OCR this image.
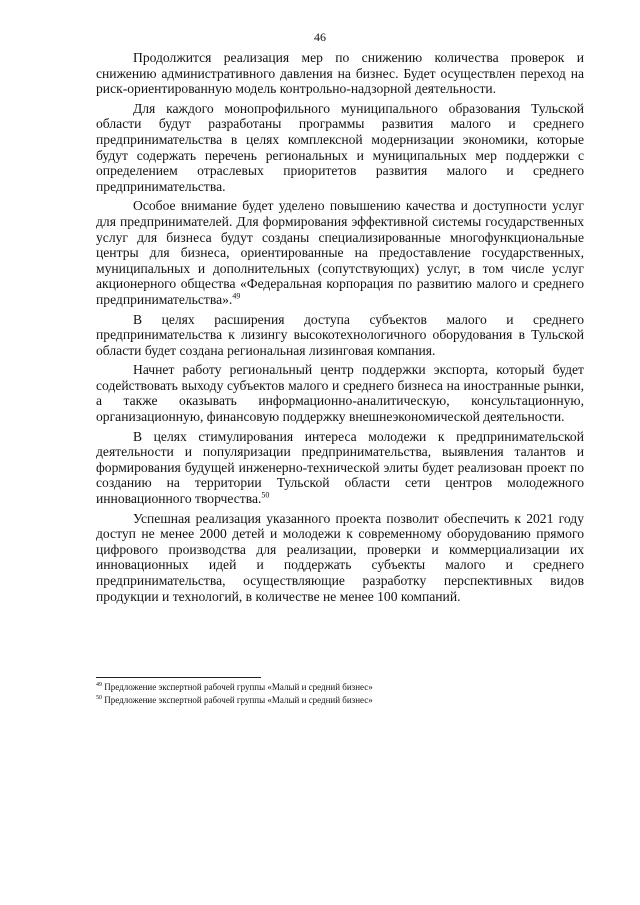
46

Продолжится реализация мер по снижению количества проверок и снижению административного давления на бизнес. Будет осуществлен переход на риск-ориентированную модель контрольно-надзорной деятельности.

Для каждого монопрофильного муниципального образования Тульской области будут разработаны программы развития малого и среднего предпринимательства в целях комплексной модернизации экономики, которые будут содержать перечень региональных и муниципальных мер поддержки с определением отраслевых приоритетов развития малого и среднего предпринимательства.

Особое внимание будет уделено повышению качества и доступности услуг для предпринимателей. Для формирования эффективной системы государственных услуг для бизнеса будут созданы специализированные многофункциональные центры для бизнеса, ориентированные на предоставление государственных, муниципальных и дополнительных (сопутствующих) услуг, в том числе услуг акционерного общества «Федеральная корпорация по развитию малого и среднего предпринимательства».$^{49}$

В целях расширения доступа субъектов малого и среднего предпринимательства к лизингу высокотехнологичного оборудования в Тульской области будет создана региональная лизинговая компания.

Начнет работу региональный центр поддержки экспорта, который будет содействовать выходу субъектов малого и среднего бизнеса на иностранные рынки, а также оказывать информационно-аналитическую, консультационную, организационную, финансовую поддержку внешнеэкономической деятельности.

В целях стимулирования интереса молодежи к предпринимательской деятельности и популяризации предпринимательства, выявления талантов и формирования будущей инженерно-технической элиты будет реализован проект по созданию на территории Тульской области сети центров молодежного инновационного творчества.$^{50}$

Успешная реализация указанного проекта позволит обеспечить к 2021 году доступ не менее 2000 детей и молодежи к современному оборудованию прямого цифрового производства для реализации, проверки и коммерциализации их инновационных идей и поддержать субъекты малого и среднего предпринимательства, осуществляющие разработку перспективных видов продукции и технологий, в количестве не менее 100 компаний.

$^{49}$ Предложение экспертной рабочей группы «Малый и средний бизнес»
$^{50}$ Предложение экспертной рабочей группы «Малый и средний бизнес»
